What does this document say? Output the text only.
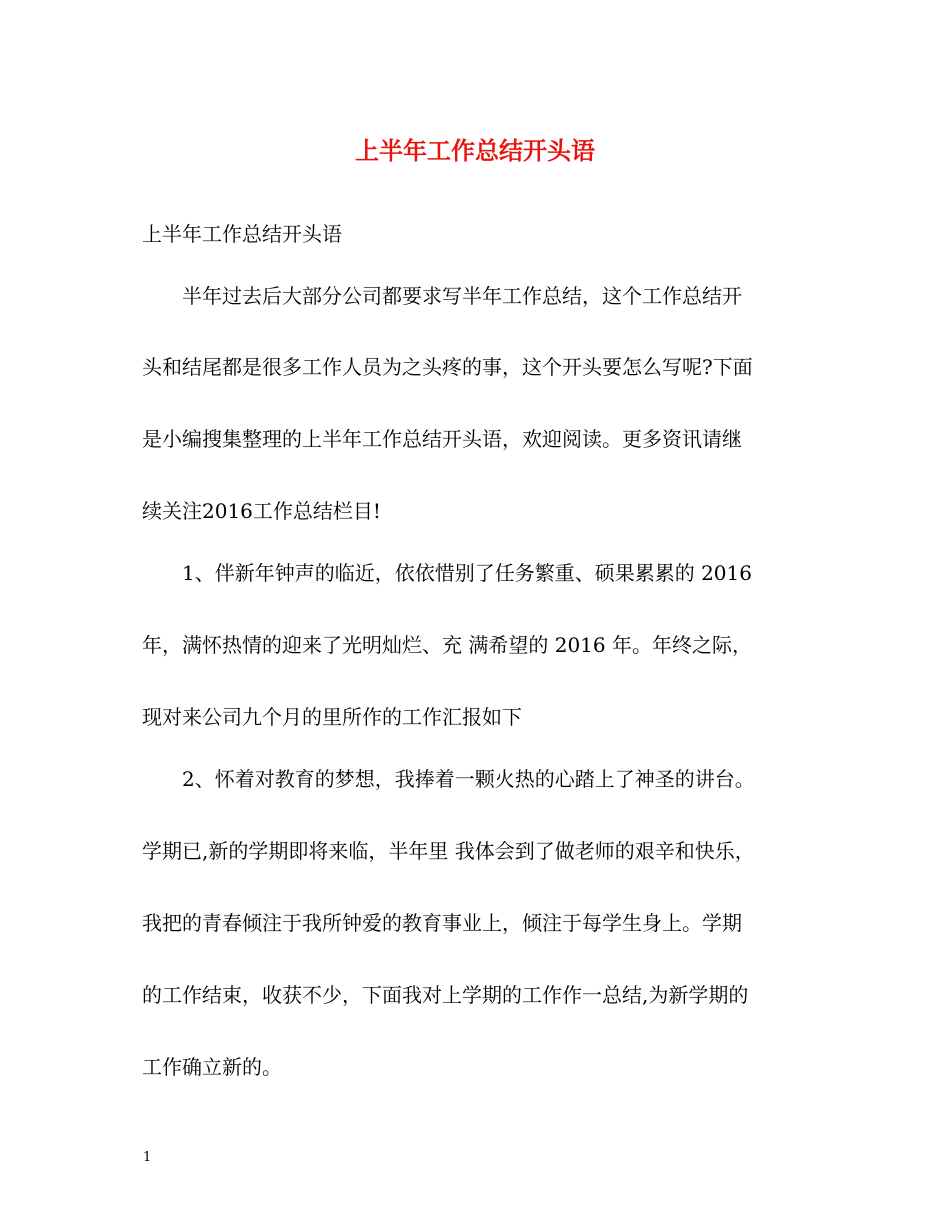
上半年工作总结开头语

上半年工作总结开头语

半年过去后大部分公司都要求写半年工作总结，这个工作总结开

头和结尾都是很多工作人员为之头疼的事，这个开头要怎么写呢?下面

是小编搜集整理的上半年工作总结开头语，欢迎阅读。更多资讯请继

续关注2016工作总结栏目!

1、伴新年钟声的临近，依依惜别了任务繁重、硕果累累的 2016

年，满怀热情的迎来了光明灿烂、充 满希望的 2016 年。年终之际，

现对来公司九个月的里所作的工作汇报如下

2、怀着对教育的梦想，我捧着一颗火热的心踏上了神圣的讲台。

学期已,新的学期即将来临，半年里 我体会到了做老师的艰辛和快乐，

我把的青春倾注于我所钟爱的教育事业上，倾注于每学生身上。学期

的工作结束，收获不少，下面我对上学期的工作作一总结,为新学期的

工作确立新的。

1
